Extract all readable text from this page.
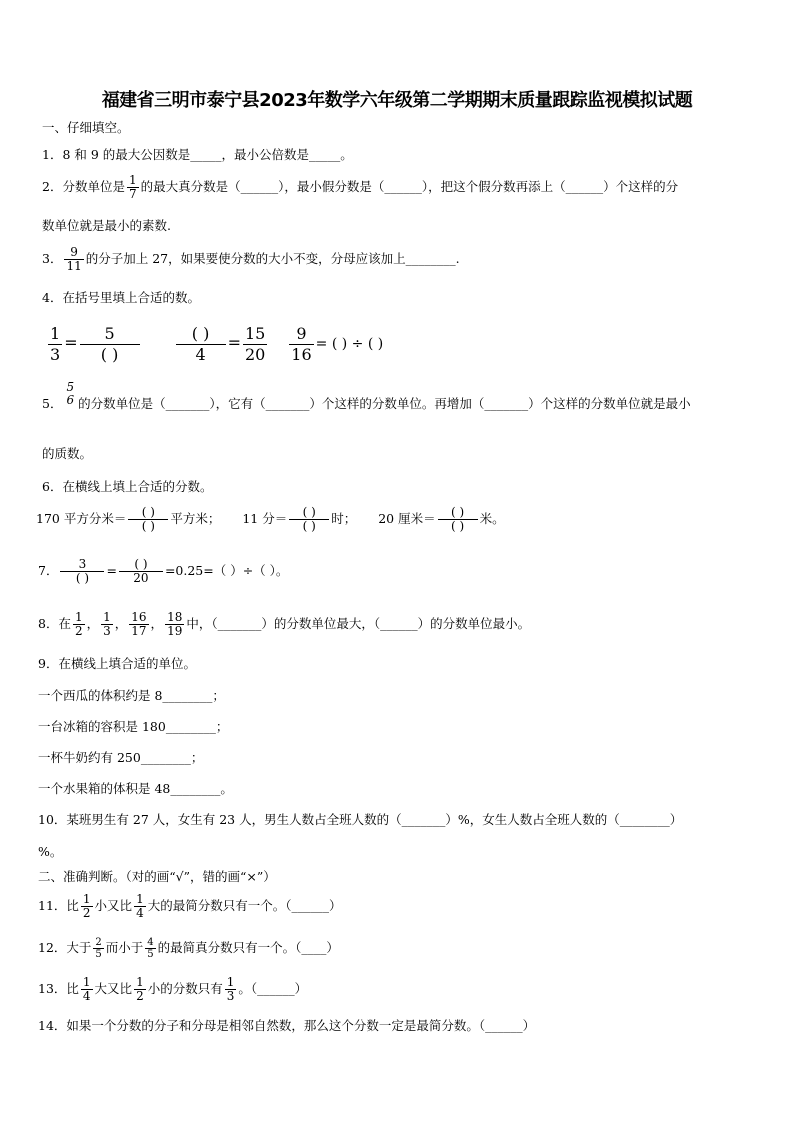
福建省三明市泰宁县2023年数学六年级第二学期期末质量跟踪监视模拟试题
一、仔细填空。
1．8 和 9 的最大公因数是_____，最小公倍数是_____。
2．分数单位是 $\frac{1}{7}$ 的最大真分数是（______），最小假分数是（______），把这个假分数再添上（______）个这样的分
数单位就是最小的素数.
3． $\frac{9}{11}$ 的分子加上 27，如果要使分数的大小不变，分母应该加上________.
4．在括号里填上合适的数。
$\frac{1}{3} = \frac{5}{( )}$
$\frac{( )}{4} = \frac{15}{20}$
$\frac{9}{16}$ = ( ) ÷ ( )
5．
5
6 的分数单位是（_______），它有（_______）个这样的分数单位。再增加（_______）个这样的分数单位就是最小
的质数。
6．在横线上填上合适的分数。
170 平方分米＝ $\frac{( )}{( )}$ 平方米； 11 分＝ $\frac{( )}{( )}$ 时； 20 厘米＝ $\frac{( )}{( )}$ 米。
7． $\frac{3}{( )} = \frac{( )}{20} =0.25=$（ ）÷（ ）。
8．在 $\frac{1}{2}$ ， $\frac{1}{3}$ ， $\frac{16}{17}$ ， $\frac{18}{19}$ 中，（_______）的分数单位最大，（______）的分数单位最小。
9．在横线上填合适的单位。
一个西瓜的体积约是 8________；
一台冰箱的容积是 180________；
一杯牛奶约有 250________；
一个水果箱的体积是 48________。
10．某班男生有 27 人，女生有 23 人，男生人数占全班人数的（_______）%，女生人数占全班人数的（________）
%。
二、准确判断。（对的画“√”，错的画“×”）
11．比 $\frac{1}{2}$ 小又比 $\frac{1}{4}$ 大的最简分数只有一个。（______）
12．大于 $\frac{2}{5}$ 而小于 $\frac{4}{5}$ 的最简真分数只有一个。（____）
13．比 $\frac{1}{4}$ 大又比 $\frac{1}{2}$ 小的分数只有 $\frac{1}{3}$ 。（______）
14．如果一个分数的分子和分母是相邻自然数，那么这个分数一定是最简分数。（______）
